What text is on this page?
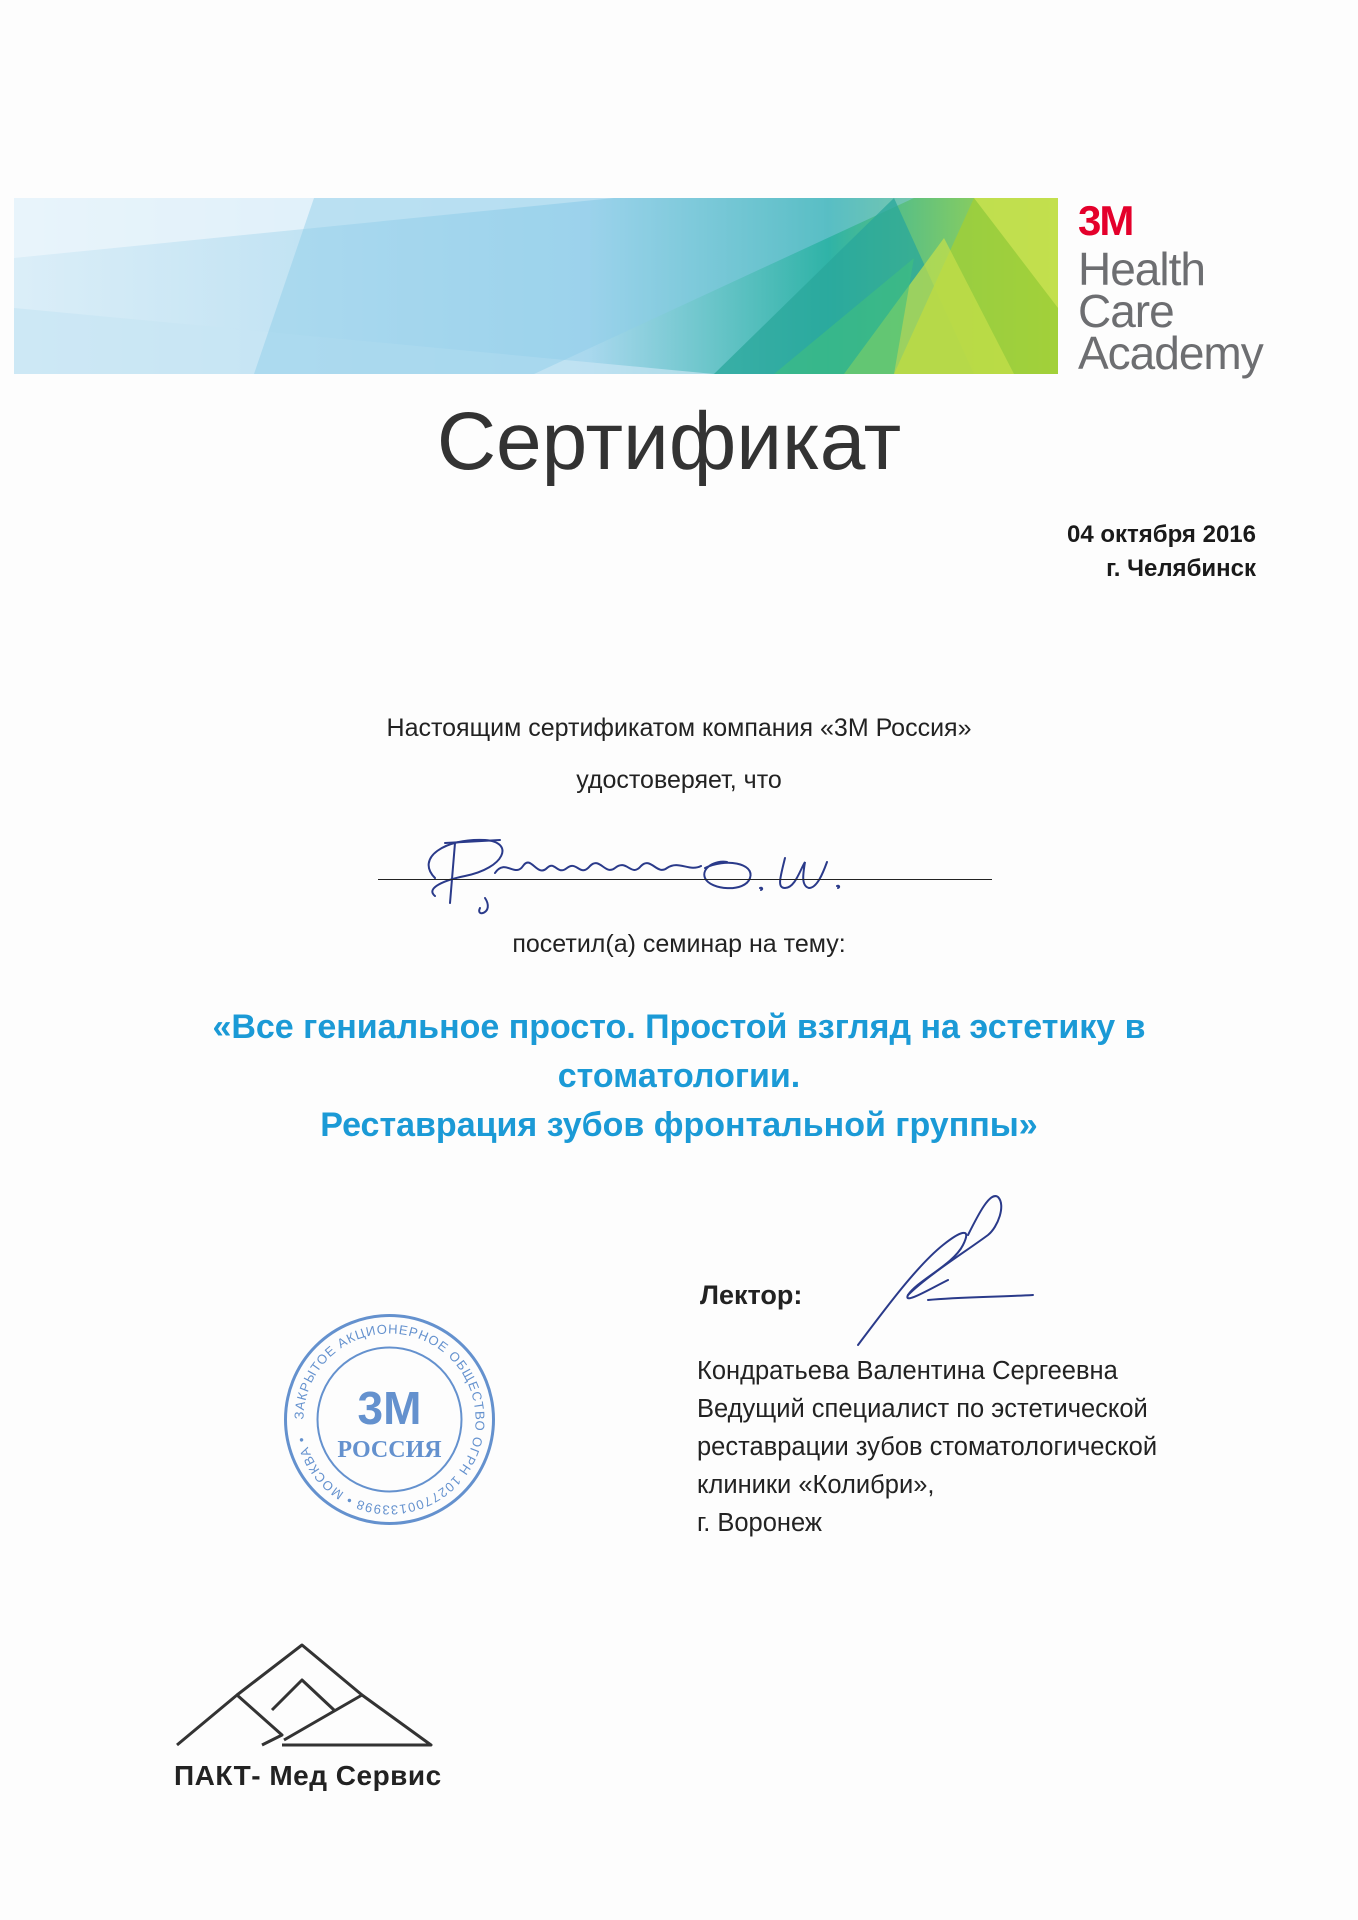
3M
Health
Care
Academy
Сертификат
04 октября 2016
г. Челябинск
Настоящим сертификатом компания «3М Россия»
удостоверяет, что
посетил(а) семинар на тему:
«Все гениальное просто. Простой взгляд на эстетику в
стоматологии.
Реставрация зубов фронтальной группы»
Лектор:
Кондратьева Валентина Сергеевна
Ведущий специалист по эстетической
реставрации зубов стоматологической
клиники «Колибри»,
г. Воронеж
ЗАКРЫТОЕ АКЦИОНЕРНОЕ ОБЩЕСТВО ОГРН 1027700133998 • МОСКВА •
3M
РОССИЯ
ПАКТ- Мед Сервис
